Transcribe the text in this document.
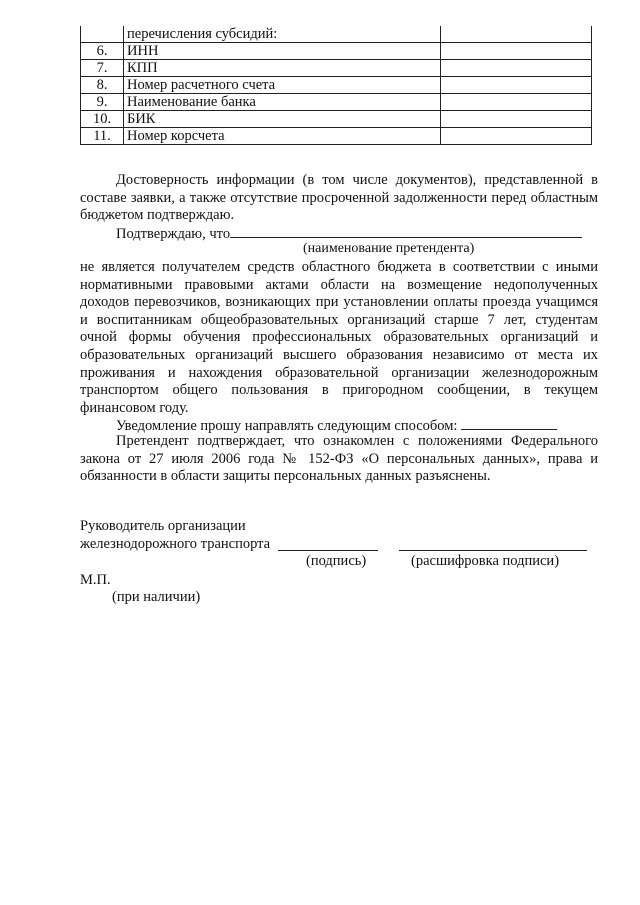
	перечисления субсидий:	
6.	ИНН	
7.	КПП	
8.	Номер расчетного счета	
9.	Наименование банка	
10.	БИК	
11.	Номер корсчета	

Достоверность информации (в том числе документов), представленной в составе заявки, а также отсутствие просроченной задолженности перед областным бюджетом подтверждаю.

Подтверждаю, что
(наименование претендента)

не является получателем средств областного бюджета в соответствии с иными нормативными правовыми актами области на возмещение недополученных доходов перевозчиков, возникающих при установлении оплаты проезда учащимся и воспитанникам общеобразовательных организаций старше 7 лет, студентам очной формы обучения профессиональных образовательных организаций и образовательных организаций высшего образования независимо от места их проживания и нахождения образовательной организации железнодорожным транспортом общего пользования в пригородном сообщении, в текущем финансовом году.

Уведомление прошу направлять следующим способом:

Претендент подтверждает, что ознакомлен с положениями Федерального закона от 27 июля 2006 года № 152-ФЗ «О персональных данных», права и обязанности в области защиты персональных данных разъяснены.

Руководитель организации
железнодорожного транспорта
(подпись)	(расшифровка подписи)
М.П.
(при наличии)
